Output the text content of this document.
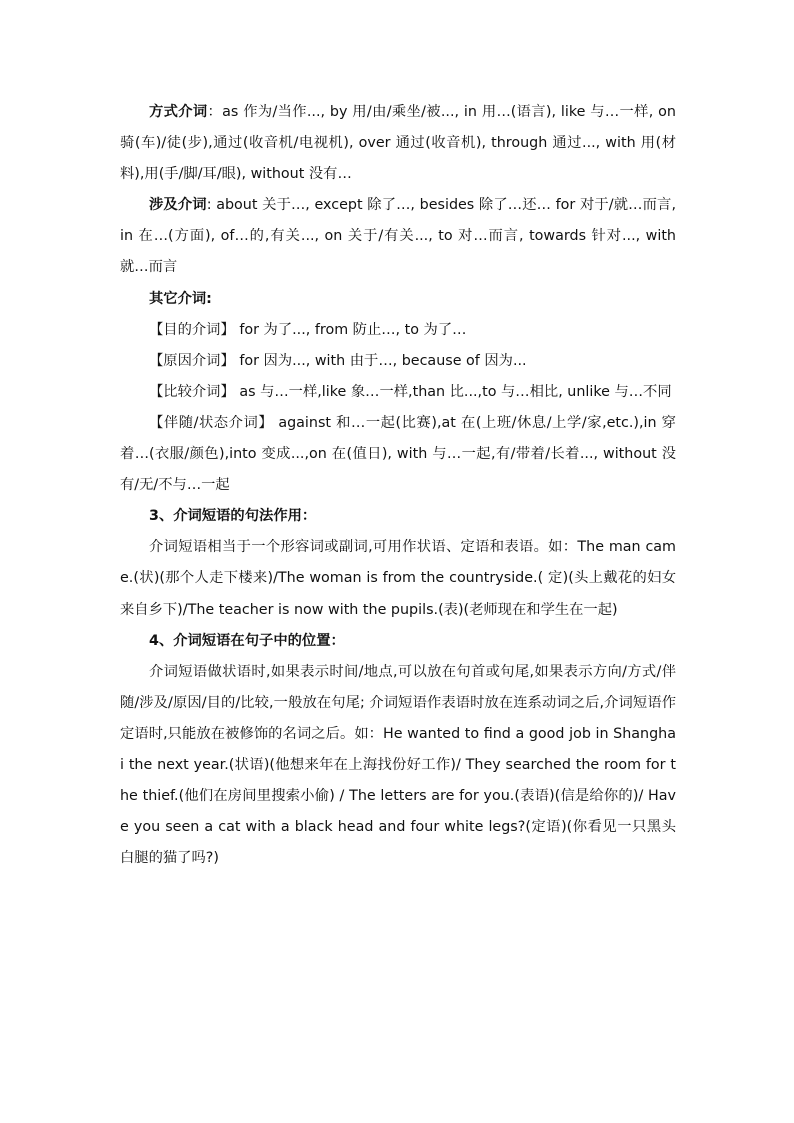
方式介词：as 作为/当作..., by 用/由/乘坐/被..., in 用…(语言), like 与…一样, on 骑(车)/徒(步),通过(收音机/电视机), over 通过(收音机), through 通过..., with 用(材料),用(手/脚/耳/眼), without 没有…

涉及介词: about 关于…, except 除了…, besides 除了…还… for 对于/就…而言, in 在…(方面), of…的,有关..., on 关于/有关..., to 对…而言, towards 针对..., with 就…而言

其它介词:

【目的介词】 for 为了..., from 防止…, to 为了…

【原因介词】 for 因为..., with 由于…, because of 因为...

【比较介词】 as 与…一样,like 象…一样,than 比...,to 与…相比, unlike 与…不同

【伴随/状态介词】 against 和…一起(比赛),at 在(上班/休息/上学/家,etc.),in 穿着…(衣服/颜色),into 变成...,on 在(值日), with 与…一起,有/带着/长着..., without 没有/无/不与…一起

3、介词短语的句法作用：

介词短语相当于一个形容词或副词,可用作状语、定语和表语。如：The man came.(状)(那个人走下楼来)/The woman is from the countryside.( 定)(头上戴花的妇女来自乡下)/The teacher is now with the pupils.(表)(老师现在和学生在一起)

4、介词短语在句子中的位置：

介词短语做状语时,如果表示时间/地点,可以放在句首或句尾,如果表示方向/方式/伴随/涉及/原因/目的/比较,一般放在句尾; 介词短语作表语时放在连系动词之后,介词短语作定语时,只能放在被修饰的名词之后。如：He wanted to find a good job in Shanghai the next year.(状语)(他想来年在上海找份好工作)/ They searched the room for the thief.(他们在房间里搜索小偷) / The letters are for you.(表语)(信是给你的)/ Have you seen a cat with a black head and four white legs?(定语)(你看见一只黑头白腿的猫了吗?)
